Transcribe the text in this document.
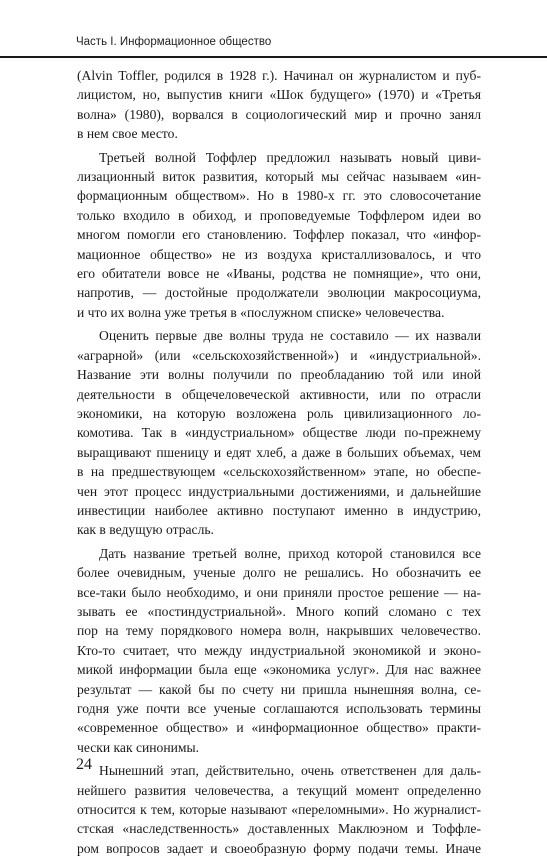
Часть I. Информационное общество
(Alvin Toffler, родился в 1928 г.). Начинал он журналистом и пуб-
лицистом, но, выпустив книги «Шок будущего» (1970) и «Третья
волна» (1980), ворвался в социологический мир и прочно занял
в нем свое место.
Третьей волной Тоффлер предложил называть новый циви-
лизационный виток развития, который мы сейчас называем «ин-
формационным обществом». Но в 1980-х гг. это словосочетание
только входило в обиход, и проповедуемые Тоффлером идеи во
многом помогли его становлению. Тоффлер показал, что «инфор-
мационное общество» не из воздуха кристаллизовалось, и что
его обитатели вовсе не «Иваны, родства не помнящие», что они,
напротив, — достойные продолжатели эволюции макросоциума,
и что их волна уже третья в «послужном списке» человечества.
Оценить первые две волны труда не составило — их назвали
«аграрной» (или «сельскохозяйственной») и «индустриальной».
Название эти волны получили по преобладанию той или иной
деятельности в общечеловеческой активности, или по отрасли
экономики, на которую возложена роль цивилизационного ло-
комотива. Так в «индустриальном» обществе люди по-прежнему
выращивают пшеницу и едят хлеб, а даже в больших объемах, чем
в на предшествующем «сельскохозяйственном» этапе, но обеспе-
чен этот процесс индустриальными достижениями, и дальнейшие
инвестиции наиболее активно поступают именно в индустрию,
как в ведущую отрасль.
Дать название третьей волне, приход которой становился все
более очевидным, ученые долго не решались. Но обозначить ее
все-таки было необходимо, и они приняли простое решение — на-
зывать ее «постиндустриальной». Много копий сломано с тех
пор на тему порядкового номера волн, накрывших человечество.
Кто-то считает, что между индустриальной экономикой и эконо-
микой информации была еще «экономика услуг». Для нас важнее
результат — какой бы по счету ни пришла нынешняя волна, се-
годня уже почти все ученые соглашаются использовать термины
«современное общество» и «информационное общество» практи-
чески как синонимы.
Нынешний этап, действительно, очень ответственен для даль-
нейшего развития человечества, а текущий момент определенно
относится к тем, которые называют «переломными». Но журналист-
стская «наследственность» доставленных Маклюэном и Тоффле-
ром вопросов задает и своеобразную форму подачи темы. Иначе
24
